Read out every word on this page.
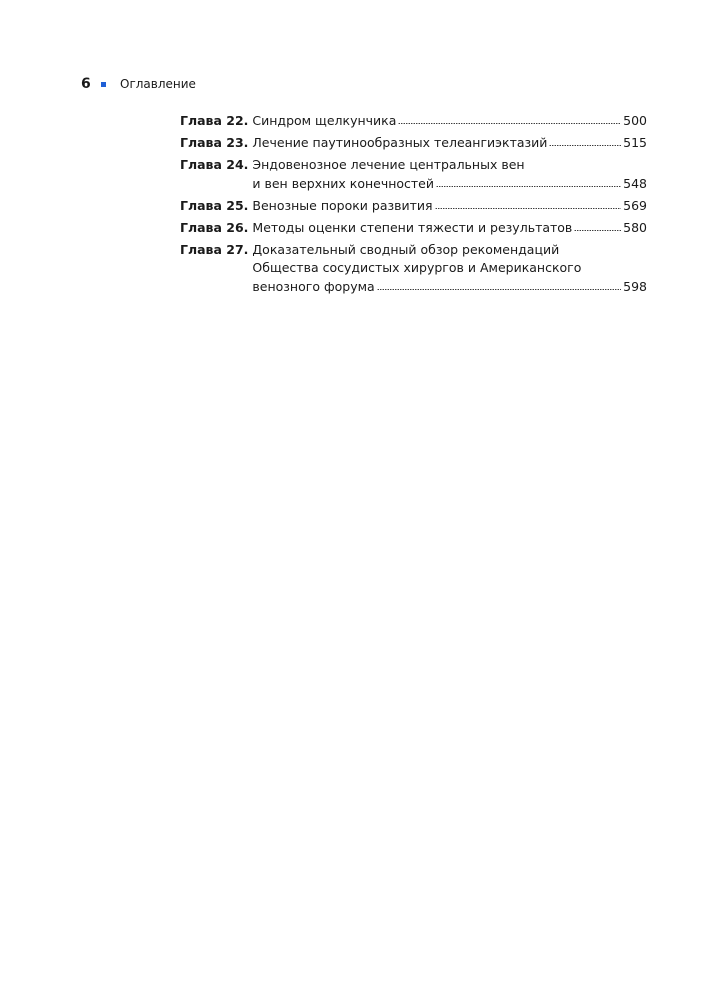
6	Оглавление
Глава 22. Синдром щелкунчика	500
Глава 23. Лечение паутинообразных телеангиэктазий	515
Глава 24. Эндовенозное лечение центральных вен
и вен верхних конечностей	548
Глава 25. Венозные пороки развития	569
Глава 26. Методы оценки степени тяжести и результатов	580
Глава 27. Доказательный сводный обзор рекомендаций
Общества сосудистых хирургов и Американского
венозного форума	598
